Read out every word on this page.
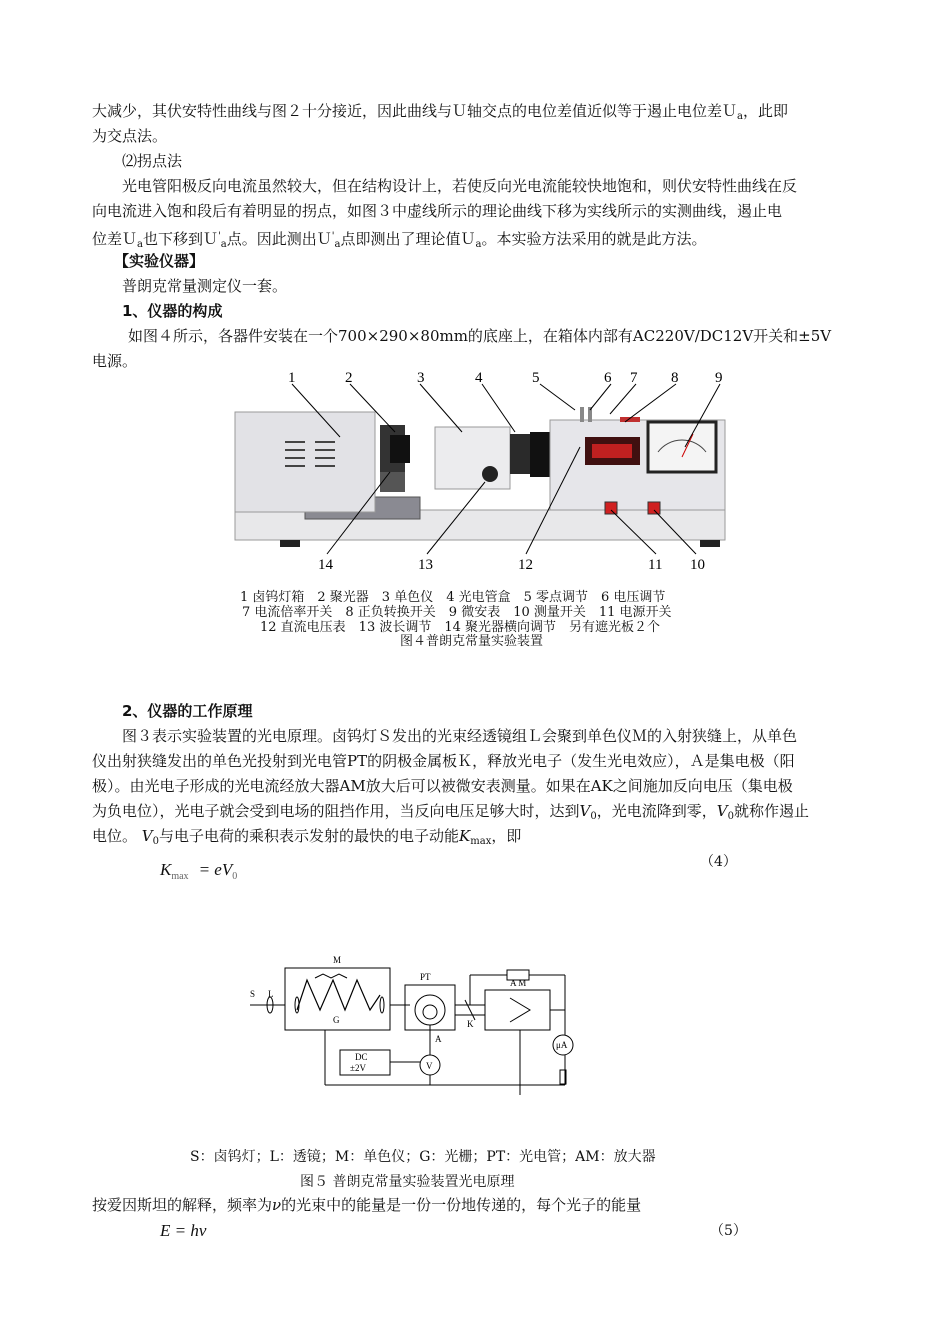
大减少，其伏安特性曲线与图２十分接近，因此曲线与Ｕ轴交点的电位差值近似等于遏止电位差Ｕ$_a$，此即
为交点法。
⑵拐点法
光电管阳极反向电流虽然较大，但在结构设计上，若使反向光电流能较快地饱和，则伏安特性曲线在反
向电流进入饱和段后有着明显的拐点，如图３中虚线所示的理论曲线下移为实线所示的实测曲线，遏止电
位差Ｕ$_a$也下移到Ｕ'$_a$点。因此测出Ｕ'$_a$点即测出了理论值Ｕ$_a$。本实验方法采用的就是此方法。
【实验仪器】
普朗克常量测定仪一套。
1、仪器的构成
如图４所示，各器件安装在一个700×290×80mm的底座上，在箱体内部有AC220V/DC12V开关和±5V
电源。
1	2	3	4	5	6 7 8 9
14	13	12	11 10
1 卤钨灯箱　2 聚光器　3 单色仪　4 光电管盒　5 零点调节　6 电压调节
7 电流倍率开关　8 正负转换开关　9 微安表　10 测量开关　11 电源开关
12 直流电压表　13 波长调节　14 聚光器横向调节　另有遮光板２个
图４普朗克常量实验装置
2、仪器的工作原理
图３表示实验装置的光电原理。卤钨灯Ｓ发出的光束经透镜组Ｌ会聚到单色仪Ｍ的入射狭缝上，从单色
仪出射狭缝发出的单色光投射到光电管PT的阴极金属板Ｋ，释放光电子（发生光电效应），Ａ是集电极（阳
极）。由光电子形成的光电流经放大器AM放大后可以被微安表测量。如果在AK之间施加反向电压（集电极
为负电位），光电子就会受到电场的阻挡作用，当反向电压足够大时，达到$V_0$，光电流降到零，$V_0$就称作遏止
电位。 $V_0$与电子电荷的乘积表示发射的最快的电子动能$K_{max}$，即
（4）
$K_{max} = eV_0$
M
PT
A M
S L
G	K
A
V
μA
DC
±2V
S：卤钨灯；L：透镜；M：单色仪；G：光栅；PT：光电管；AM：放大器
图５ 普朗克常量实验装置光电原理
按爱因斯坦的解释，频率为ν的光束中的能量是一份一份地传递的，每个光子的能量
（5）
E = hν
